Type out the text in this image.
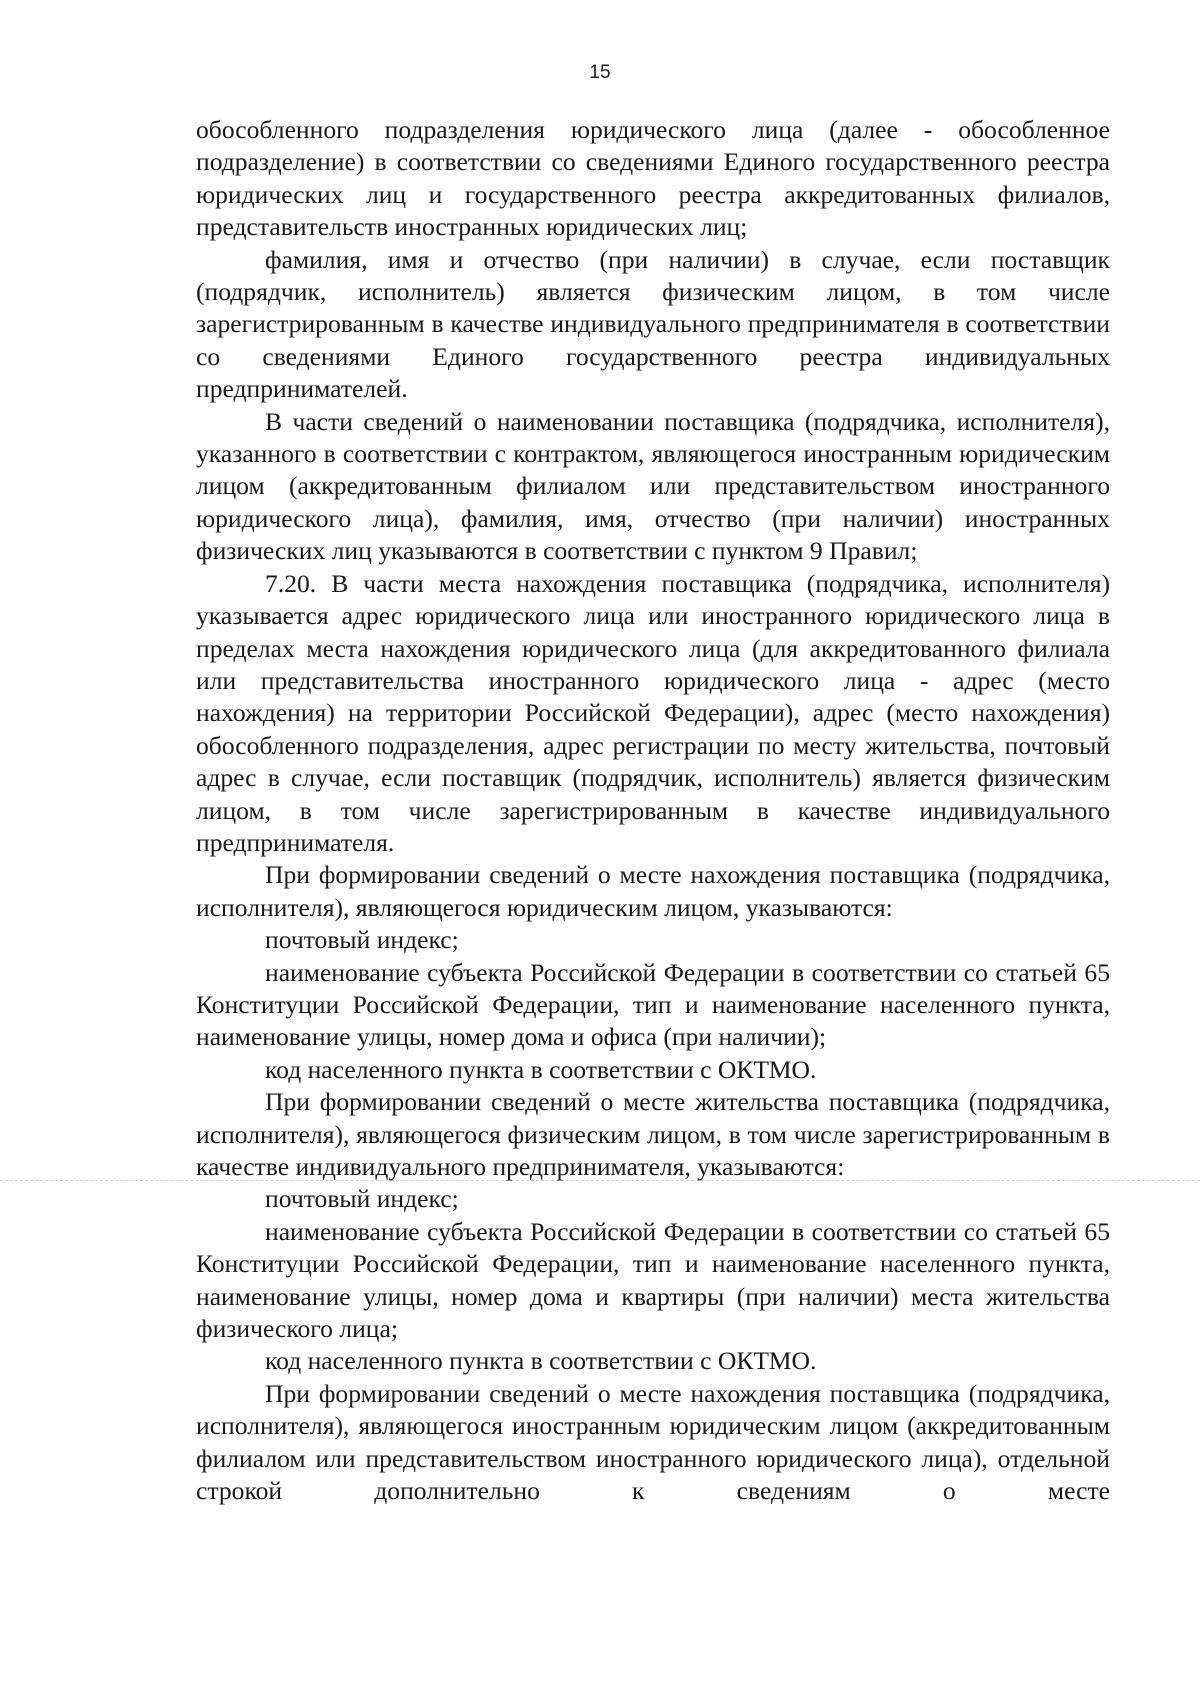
15

обособленного подразделения юридического лица (далее - обособленное подразделение) в соответствии со сведениями Единого государственного реестра юридических лиц и государственного реестра аккредитованных филиалов, представительств иностранных юридических лиц;

фамилия, имя и отчество (при наличии) в случае, если поставщик (подрядчик, исполнитель) является физическим лицом, в том числе зарегистрированным в качестве индивидуального предпринимателя в соответствии со сведениями Единого государственного реестра индивидуальных предпринимателей.

В части сведений о наименовании поставщика (подрядчика, исполнителя), указанного в соответствии с контрактом, являющегося иностранным юридическим лицом (аккредитованным филиалом или представительством иностранного юридического лица), фамилия, имя, отчество (при наличии) иностранных физических лиц указываются в соответствии с пунктом 9 Правил;

7.20. В части места нахождения поставщика (подрядчика, исполнителя) указывается адрес юридического лица или иностранного юридического лица в пределах места нахождения юридического лица (для аккредитованного филиала или представительства иностранного юридического лица - адрес (место нахождения) на территории Российской Федерации), адрес (место нахождения) обособленного подразделения, адрес регистрации по месту жительства, почтовый адрес в случае, если поставщик (подрядчик, исполнитель) является физическим лицом, в том числе зарегистрированным в качестве индивидуального предпринимателя.

При формировании сведений о месте нахождения поставщика (подрядчика, исполнителя), являющегося юридическим лицом, указываются:

почтовый индекс;

наименование субъекта Российской Федерации в соответствии со статьей 65 Конституции Российской Федерации, тип и наименование населенного пункта, наименование улицы, номер дома и офиса (при наличии);

код населенного пункта в соответствии с ОКТМО.

При формировании сведений о месте жительства поставщика (подрядчика, исполнителя), являющегося физическим лицом, в том числе зарегистрированным в качестве индивидуального предпринимателя, указываются:

почтовый индекс;

наименование субъекта Российской Федерации в соответствии со статьей 65 Конституции Российской Федерации, тип и наименование населенного пункта, наименование улицы, номер дома и квартиры (при наличии) места жительства физического лица;

код населенного пункта в соответствии с ОКТМО.

При формировании сведений о месте нахождения поставщика (подрядчика, исполнителя), являющегося иностранным юридическим лицом (аккредитованным филиалом или представительством иностранного юридического лица), отдельной строкой дополнительно к сведениям о месте
